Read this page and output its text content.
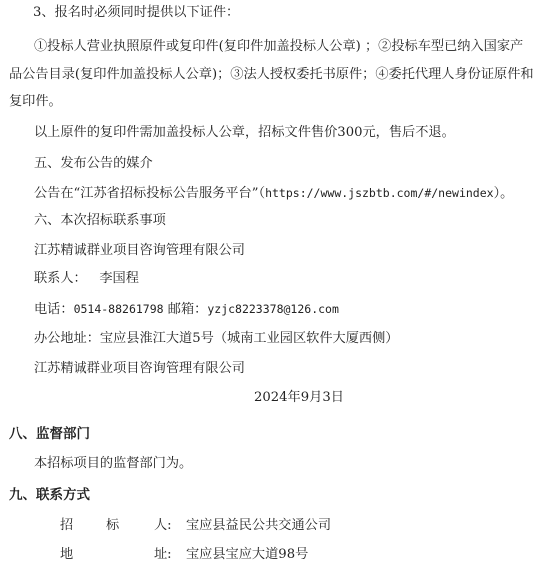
3、报名时必须同时提供以下证件：
①投标人营业执照原件或复印件(复印件加盖投标人公章) ；②投标车型已纳入国家产
品公告目录(复印件加盖投标人公章)；③法人授权委托书原件；④委托代理人身份证原件和
复印件。
以上原件的复印件需加盖投标人公章，招标文件售价300元，售后不退。
五、发布公告的媒介
公告在“江苏省招标投标公告服务平台”（https://www.jszbtb.com/#/newindex）。
六、本次招标联系事项
江苏精诚群业项目咨询管理有限公司
联系人：   李国程
电话：0514-88261798 邮箱：yzjc8223378@126.com
办公地址：宝应县淮江大道5号（城南工业园区软件大厦西侧）
江苏精诚群业项目咨询管理有限公司
2024年9月3日
八、监督部门
本招标项目的监督部门为。
九、联系方式
招 标	人: 宝应县益民公共交通公司
地	址: 宝应县宝应大道98号
